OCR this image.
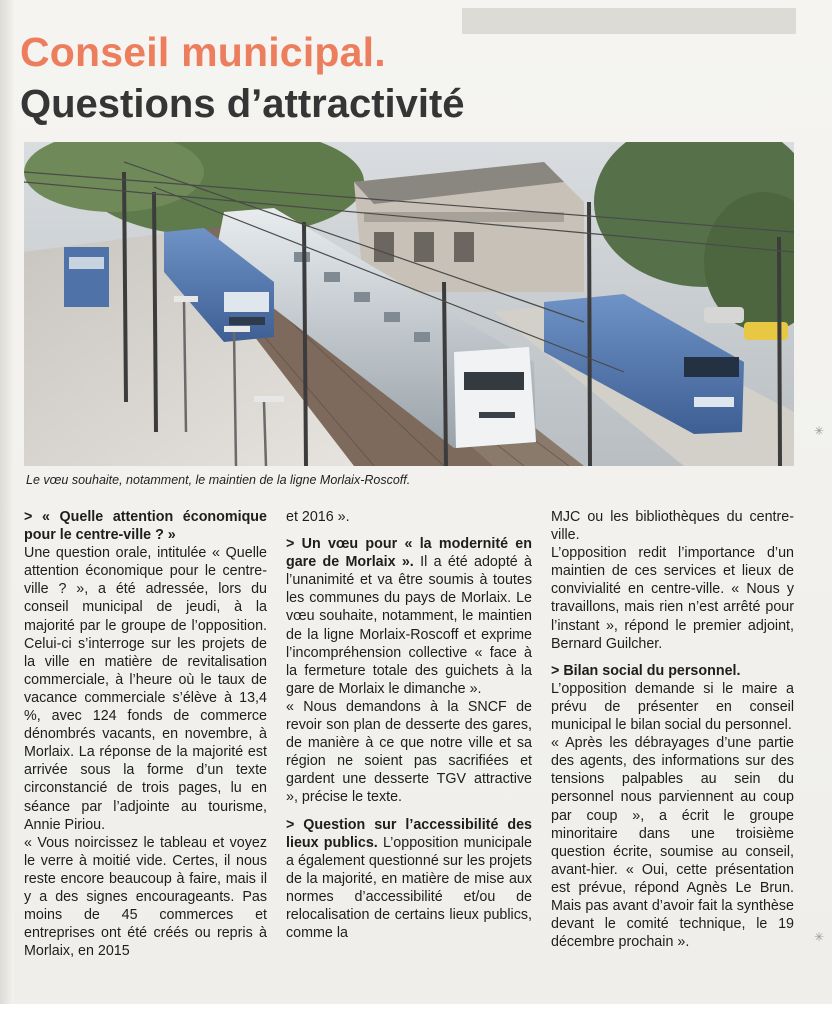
Conseil municipal.
Questions d’attractivité
Le vœu souhaite, notamment, le maintien de la ligne Morlaix-Roscoff.

> « Quelle attention économique pour le centre-ville ? »

Une question orale, intitulée « Quelle attention économique pour le centre-ville ? », a été adressée, lors du conseil municipal de jeudi, à la majorité par le groupe de l’opposition. Celui-ci s’interroge sur les projets de la ville en matière de revitalisation commerciale, à l’heure où le taux de vacance commerciale s’élève à 13,4 %, avec 124 fonds de commerce dénombrés vacants, en novembre, à Morlaix. La réponse de la majorité est arrivée sous la forme d’un texte circonstancié de trois pages, lu en séance par l’adjointe au tourisme, Annie Piriou.

« Vous noircissez le tableau et voyez le verre à moitié vide. Certes, il nous reste encore beaucoup à faire, mais il y a des signes encourageants. Pas moins de 45 commerces et entreprises ont été créés ou repris à Morlaix, en 2015

et 2016 ».

> Un vœu pour « la modernité en gare de Morlaix ». Il a été adopté à l’unanimité et va être soumis à toutes les communes du pays de Morlaix. Le vœu souhaite, notamment, le maintien de la ligne Morlaix-Roscoff et exprime l’incompréhension collective « face à la fermeture totale des guichets à la gare de Morlaix le dimanche ».

« Nous demandons à la SNCF de revoir son plan de desserte des gares, de manière à ce que notre ville et sa région ne soient pas sacrifiées et gardent une desserte TGV attractive », précise le texte.

> Question sur l’accessibilité des lieux publics. L’opposition municipale a également questionné sur les projets de la majorité, en matière de mise aux normes d’accessibilité et/ou de relocalisation de certains lieux publics, comme la

MJC ou les bibliothèques du centre-ville.

L’opposition redit l’importance d’un maintien de ces services et lieux de convivialité en centre-ville. « Nous y travaillons, mais rien n’est arrêté pour l’instant », répond le premier adjoint, Bernard Guilcher.

> Bilan social du personnel.

L’opposition demande si le maire a prévu de présenter en conseil municipal le bilan social du personnel.

« Après les débrayages d’une partie des agents, des informations sur des tensions palpables au sein du personnel nous parviennent au coup par coup », a écrit le groupe minoritaire dans une troisième question écrite, soumise au conseil, avant-hier. « Oui, cette présentation est prévue, répond Agnès Le Brun. Mais pas avant d’avoir fait la synthèse devant le comité technique, le 19 décembre prochain ».

✳
✳
